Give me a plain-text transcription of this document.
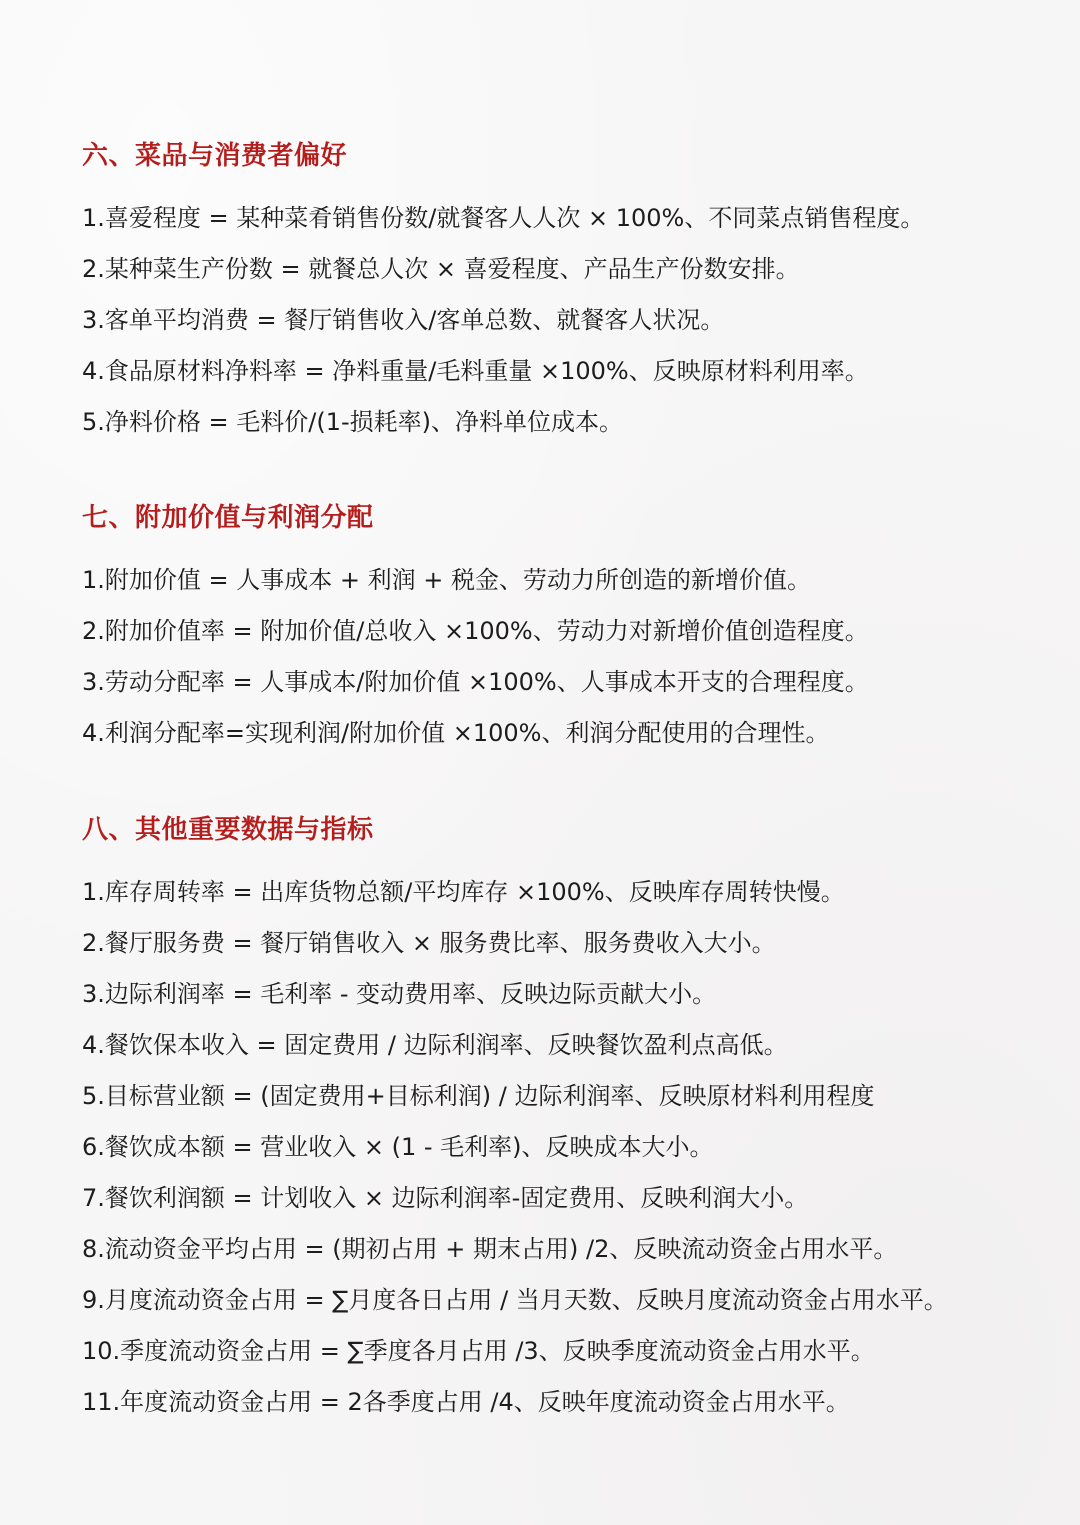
六、菜品与消费者偏好
1.喜爱程度 = 某种菜肴销售份数/就餐客人人次 × 100%、不同菜点销售程度。
2.某种菜生产份数 = 就餐总人次 × 喜爱程度、产品生产份数安排。
3.客单平均消费 = 餐厅销售收入/客单总数、就餐客人状况。
4.食品原材料净料率 = 净料重量/毛料重量 ×100%、反映原材料利用率。
5.净料价格 = 毛料价/(1-损耗率)、净料单位成本。
七、附加价值与利润分配
1.附加价值 = 人事成本 + 利润 + 税金、劳动力所创造的新增价值。
2.附加价值率 = 附加价值/总收入 ×100%、劳动力对新增价值创造程度。
3.劳动分配率 = 人事成本/附加价值 ×100%、人事成本开支的合理程度。
4.利润分配率=实现利润/附加价值 ×100%、利润分配使用的合理性。
八、其他重要数据与指标
1.库存周转率 = 出库货物总额/平均库存 ×100%、反映库存周转快慢。
2.餐厅服务费 = 餐厅销售收入 × 服务费比率、服务费收入大小。
3.边际利润率 = 毛利率 - 变动费用率、反映边际贡献大小。
4.餐饮保本收入 = 固定费用 / 边际利润率、反映餐饮盈利点高低。
5.目标营业额 = (固定费用+目标利润) / 边际利润率、反映原材料利用程度
6.餐饮成本额 = 营业收入 × (1 - 毛利率)、反映成本大小。
7.餐饮利润额 = 计划收入 × 边际利润率-固定费用、反映利润大小。
8.流动资金平均占用 = (期初占用 + 期末占用) /2、反映流动资金占用水平。
9.月度流动资金占用 = ∑月度各日占用 / 当月天数、反映月度流动资金占用水平。
10.季度流动资金占用 = ∑季度各月占用 /3、反映季度流动资金占用水平。
11.年度流动资金占用 = 2各季度占用 /4、反映年度流动资金占用水平。
